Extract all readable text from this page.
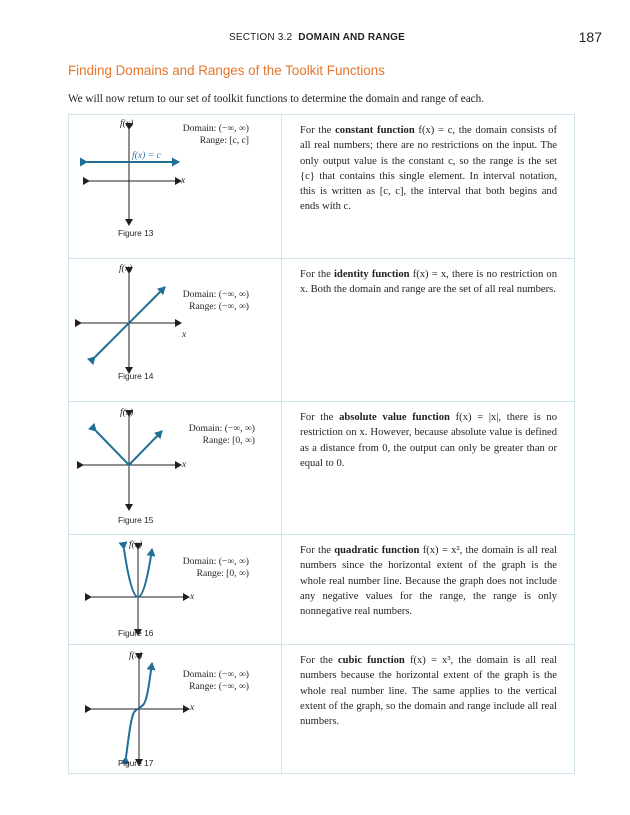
SECTION 3.2 DOMAIN AND RANGE	187
Finding Domains and Ranges of the Toolkit Functions
We will now return to our set of toolkit functions to determine the domain and range of each.
f(x)
x
f(x) = c
Domain: (−∞, ∞)
Range: [c, c]
Figure 13
For the constant function f(x) = c, the domain consists of all real numbers; there are no restrictions on the input. The only output value is the constant c, so the range is the set {c} that contains this single element. In interval notation, this is written as [c, c], the interval that both begins and ends with c.
f(x)
x
Domain: (−∞, ∞)
Range: (−∞, ∞)
Figure 14
For the identity function f(x) = x, there is no restriction on x. Both the domain and range are the set of all real numbers.
f(x)
x
Domain: (−∞, ∞)
Range: [0, ∞)
Figure 15
For the absolute value function f(x) = |x|, there is no restriction on x. However, because absolute value is defined as a distance from 0, the output can only be greater than or equal to 0.
f(x)
x
Domain: (−∞, ∞)
Range: [0, ∞)
Figure 16
For the quadratic function f(x) = x², the domain is all real numbers since the horizontal extent of the graph is the whole real number line. Because the graph does not include any negative values for the range, the range is only nonnegative real numbers.
f(x)
x
Domain: (−∞, ∞)
Range: (−∞, ∞)
Figure 17
For the cubic function f(x) = x³, the domain is all real numbers because the horizontal extent of the graph is the whole real number line. The same applies to the vertical extent of the graph, so the domain and range include all real numbers.
